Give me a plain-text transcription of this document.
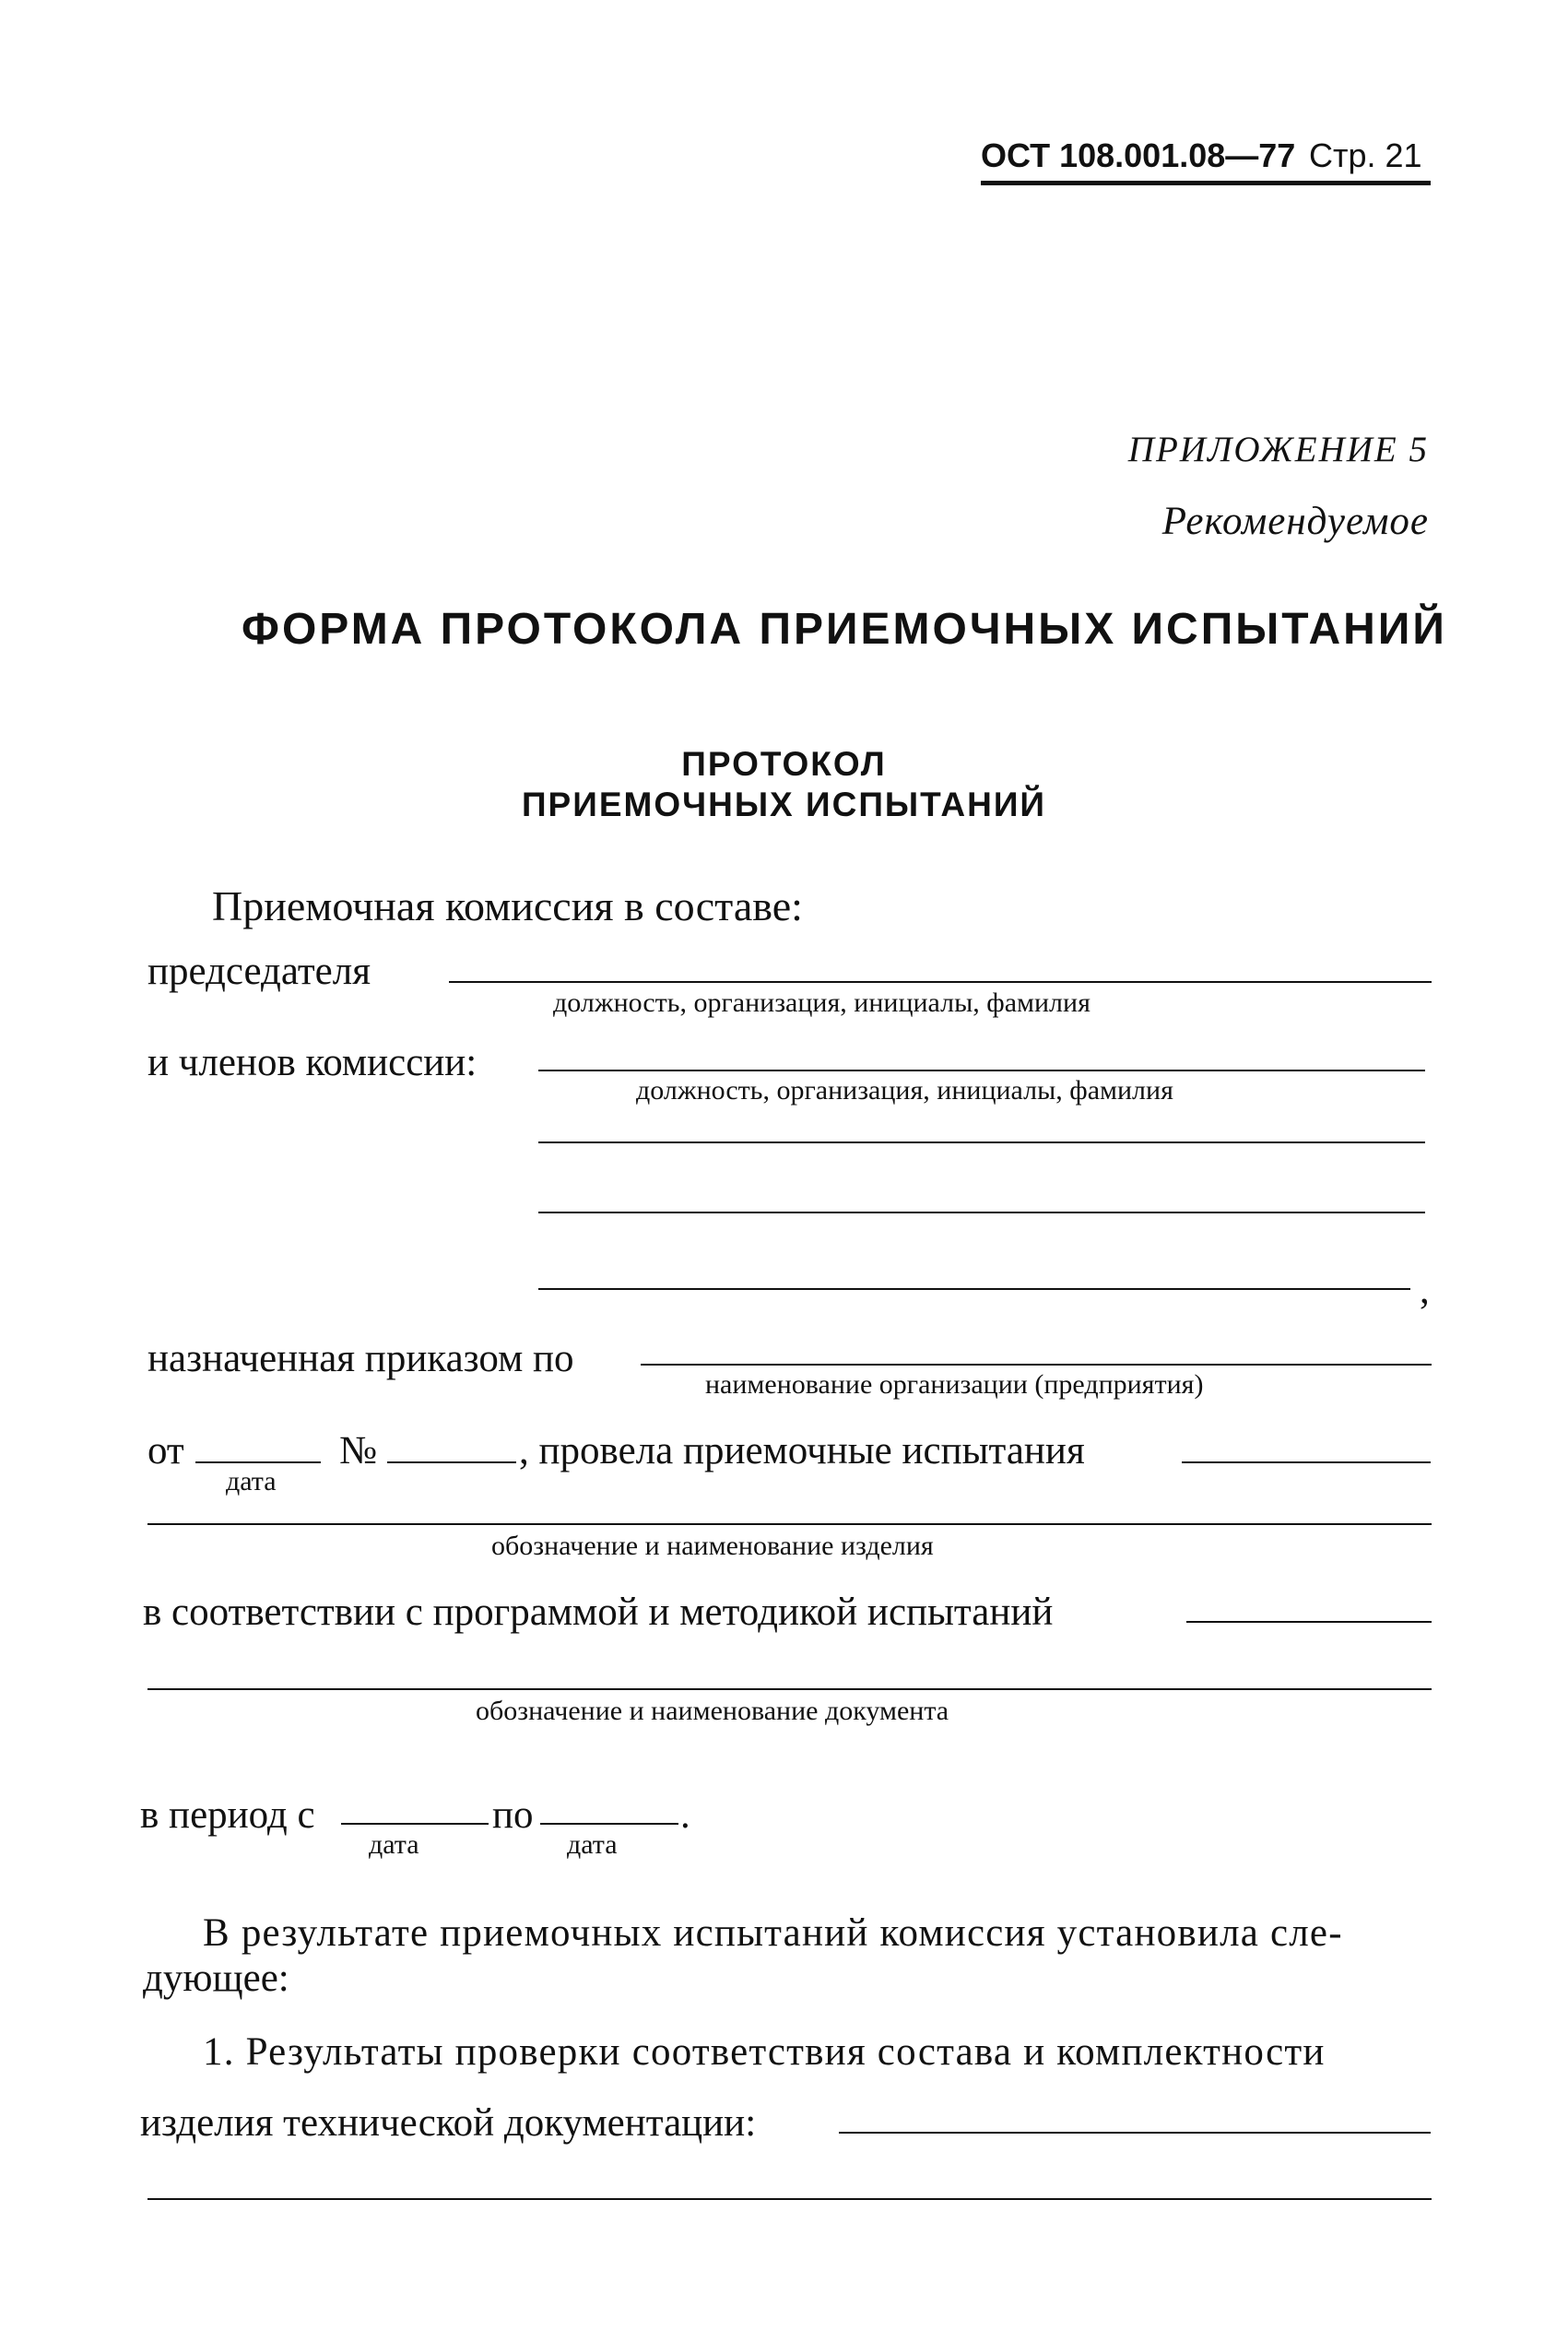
ОСТ 108.001.08—77 Стр. 21
ПРИЛОЖЕНИЕ 5
Рекомендуемое
ФОРМА ПРОТОКОЛА ПРИЕМОЧНЫХ ИСПЫТАНИЙ
ПРОТОКОЛ
ПРИЕМОЧНЫХ ИСПЫТАНИЙ
Приемочная комиссия в составе:
председателя
должность, организация, инициалы, фамилия
и членов комиссии:
должность, организация, инициалы, фамилия
,
назначенная приказом по
наименование организации (предприятия)
от
дата
№	, провела приемочные испытания
обозначение и наименование изделия
в соответствии с программой и методикой испытаний
обозначение и наименование документа
в период с
дата
по
дата
.
В результате приемочных испытаний комиссия установила сле-
дующее:
1. Результаты проверки соответствия состава и комплектности
изделия технической документации:
